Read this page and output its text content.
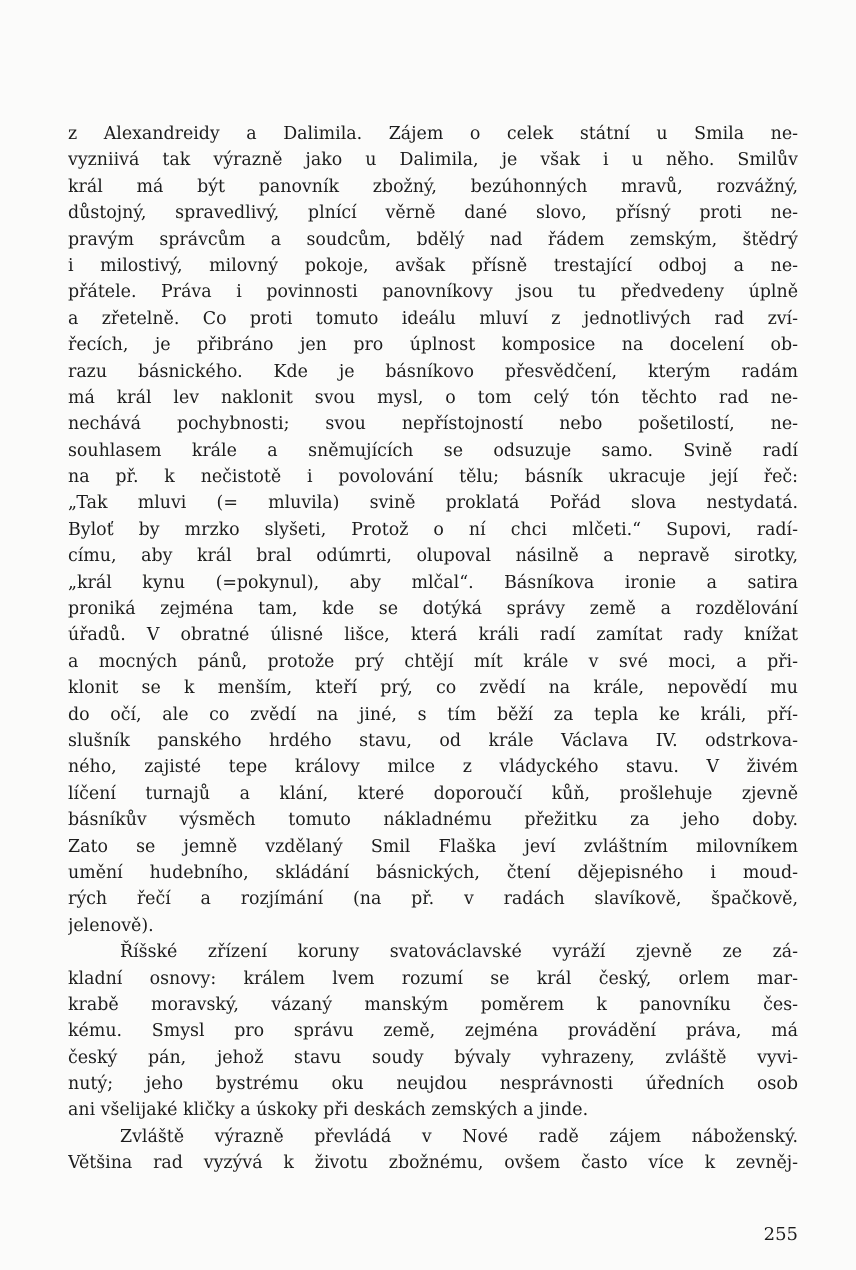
z Alexandreidy a Dalimila. Zájem o celek státní u Smila ne-
vyzniivá tak výrazně jako u Dalimila, je však i u něho. Smilův
král má být panovník zbožný, bezúhonných mravů, rozvážný,
důstojný, spravedlivý, plnící věrně dané slovo, přísný proti ne-
pravým správcům a soudcům, bdělý nad řádem zemským, štědrý
i milostivý, milovný pokoje, avšak přísně trestající odboj a ne-
přátele. Práva i povinnosti panovníkovy jsou tu předvedeny úplně
a zřetelně. Co proti tomuto ideálu mluví z jednotlivých rad zví-
řecích, je přibráno jen pro úplnost komposice na docelení ob-
razu básnického. Kde je básníkovo přesvědčení, kterým radám
má král lev naklonit svou mysl, o tom celý tón těchto rad ne-
nechává pochybnosti; svou nepřístojností nebo pošetilostí, ne-
souhlasem krále a sněmujících se odsuzuje samo. Svině radí
na př. k nečistotě i povolování tělu; básník ukracuje její řeč:
„Tak mluvi (= mluvila) svině proklatá Pořád slova nestydatá.
Byloť by mrzko slyšeti, Protož o ní chci mlčeti.“ Supovi, radí-
címu, aby král bral odúmrti, olupoval násilně a nepravě sirotky,
„král kynu (=pokynul), aby mlčal“. Básníkova ironie a satira
proniká zejména tam, kde se dotýká správy země a rozdělování
úřadů. V obratné úlisné lišce, která králi radí zamítat rady knížat
a mocných pánů, protože prý chtějí mít krále v své moci, a při-
klonit se k menším, kteří prý, co zvědí na krále, nepovědí mu
do očí, ale co zvědí na jiné, s tím běží za tepla ke králi, pří-
slušník panského hrdého stavu, od krále Václava IV. odstrkova-
ného, zajisté tepe královy milce z vládyckého stavu. V živém
líčení turnajů a klání, které doporoučí kůň, prošlehuje zjevně
básníkův výsměch tomuto nákladnému přežitku za jeho doby.
Zato se jemně vzdělaný Smil Flaška jeví zvláštním milovníkem
umění hudebního, skládání básnických, čtení dějepisného i moud-
rých řečí a rozjímání (na př. v radách slavíkově, špačkově,
jelenově).
Říšské zřízení koruny svatováclavské vyráží zjevně ze zá-
kladní osnovy: králem lvem rozumí se král český, orlem mar-
krabě moravský, vázaný manským poměrem k panovníku čes-
kému. Smysl pro správu země, zejména provádění práva, má
český pán, jehož stavu soudy bývaly vyhrazeny, zvláště vyvi-
nutý; jeho bystrému oku neujdou nesprávnosti úředních osob
ani všelijaké kličky a úskoky při deskách zemských a jinde.
Zvláště výrazně převládá v Nové radě zájem náboženský.
Většina rad vyzývá k životu zbožnému, ovšem často více k zevněj-
255
